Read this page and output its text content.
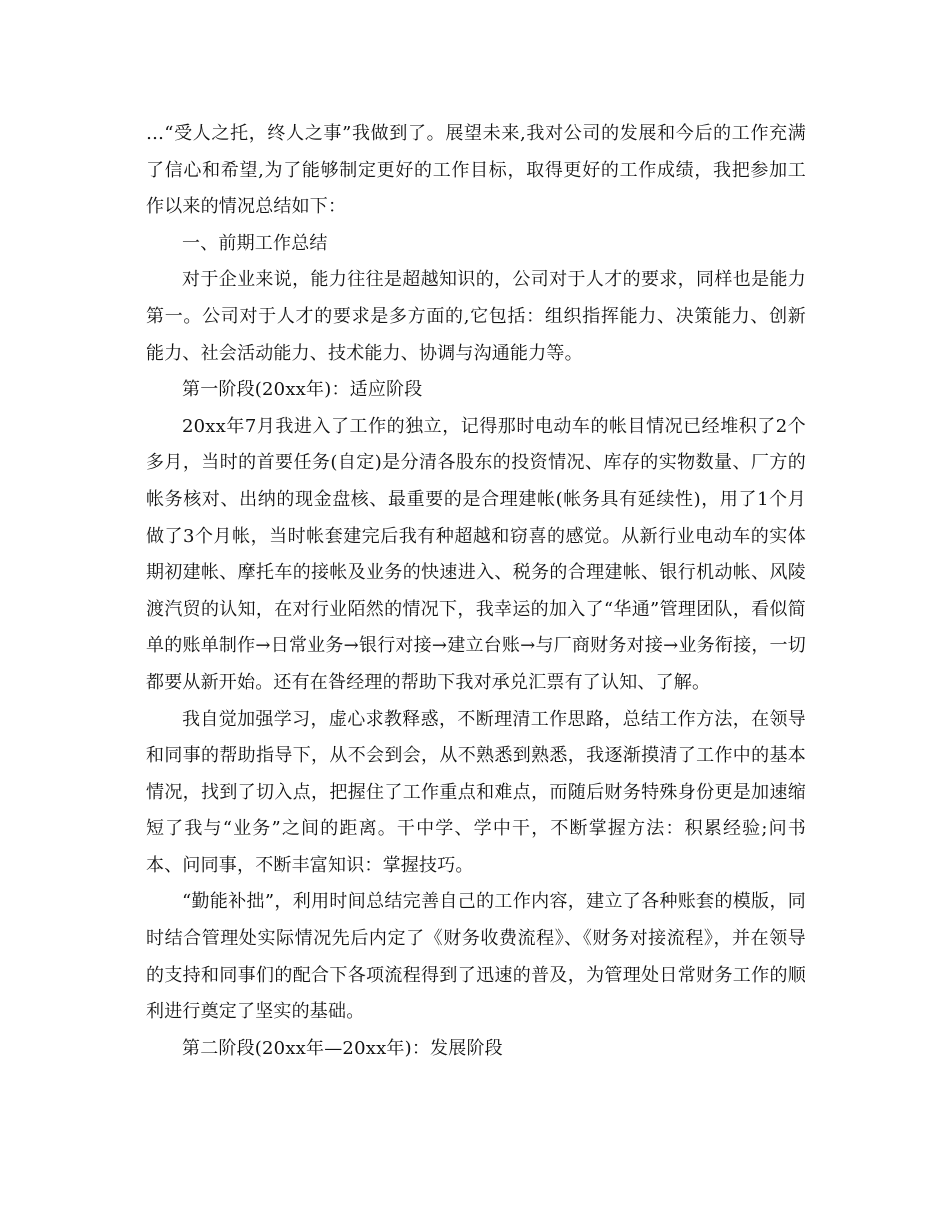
…“受人之托，终人之事”我做到了。展望未来,我对公司的发展和今后的工作充满了信心和希望,为了能够制定更好的工作目标，取得更好的工作成绩，我把参加工作以来的情况总结如下：

一、前期工作总结

对于企业来说，能力往往是超越知识的，公司对于人才的要求，同样也是能力第一。公司对于人才的要求是多方面的,它包括：组织指挥能力、决策能力、创新能力、社会活动能力、技术能力、协调与沟通能力等。

第一阶段(20xx年)：适应阶段

20xx年7月我进入了工作的独立，记得那时电动车的帐目情况已经堆积了2个多月，当时的首要任务(自定)是分清各股东的投资情况、库存的实物数量、厂方的帐务核对、出纳的现金盘核、最重要的是合理建帐(帐务具有延续性)，用了1个月做了3个月帐，当时帐套建完后我有种超越和窃喜的感觉。从新行业电动车的实体期初建帐、摩托车的接帐及业务的快速进入、税务的合理建帐、银行机动帐、风陵渡汽贸的认知，在对行业陌然的情况下，我幸运的加入了“华通”管理团队，看似简单的账单制作→日常业务→银行对接→建立台账→与厂商财务对接→业务衔接，一切都要从新开始。还有在昝经理的帮助下我对承兑汇票有了认知、了解。

我自觉加强学习，虚心求教释惑，不断理清工作思路，总结工作方法，在领导和同事的帮助指导下，从不会到会，从不熟悉到熟悉，我逐渐摸清了工作中的基本情况，找到了切入点，把握住了工作重点和难点，而随后财务特殊身份更是加速缩短了我与“业务”之间的距离。干中学、学中干，不断掌握方法：积累经验;问书本、问同事，不断丰富知识：掌握技巧。

“勤能补拙”，利用时间总结完善自己的工作内容，建立了各种账套的模版，同时结合管理处实际情况先后内定了《财务收费流程》、《财务对接流程》，并在领导的支持和同事们的配合下各项流程得到了迅速的普及，为管理处日常财务工作的顺利进行奠定了坚实的基础。

第二阶段(20xx年—20xx年)：发展阶段
